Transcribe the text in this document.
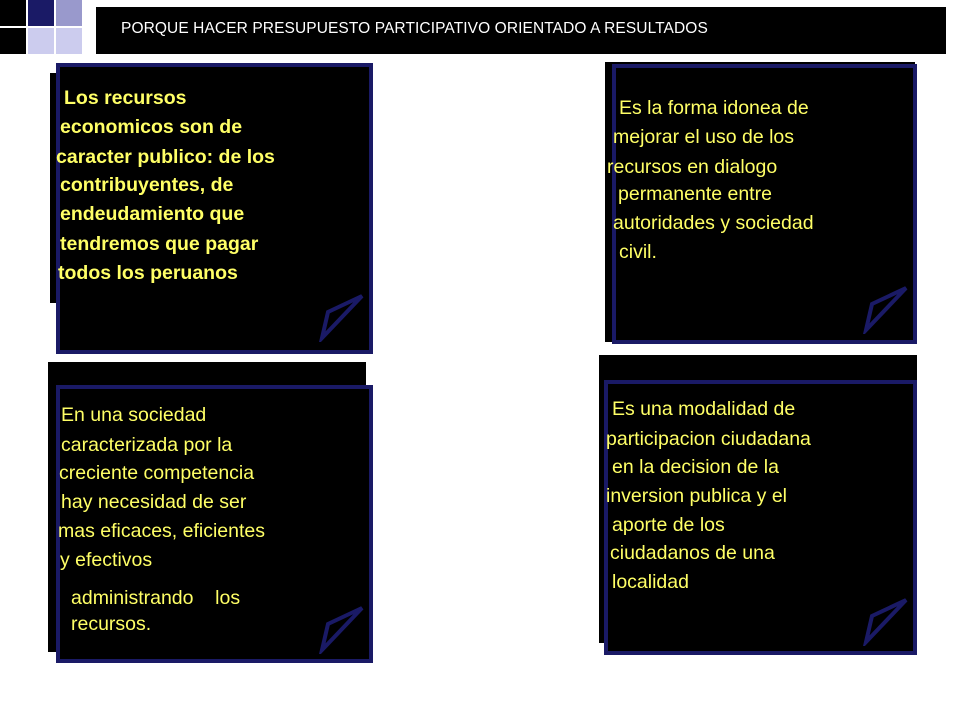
PORQUE HACER PRESUPUESTO PARTICIPATIVO ORIENTADO A RESULTADOS
Los recursos
economicos son de
caracter publico: de los
contribuyentes, de
endeudamiento que
tendremos que pagar
todos los peruanos
Es la forma idonea de
mejorar el uso de los
recursos en dialogo
permanente entre
autoridades y sociedad
civil.
En una sociedad
caracterizada por la
creciente competencia
hay necesidad de ser
mas eficaces, eficientes
y efectivos
administrando    los
recursos.
Es una modalidad de
participacion ciudadana
en la decision de la
inversion publica y el
aporte de los
ciudadanos de una
localidad
